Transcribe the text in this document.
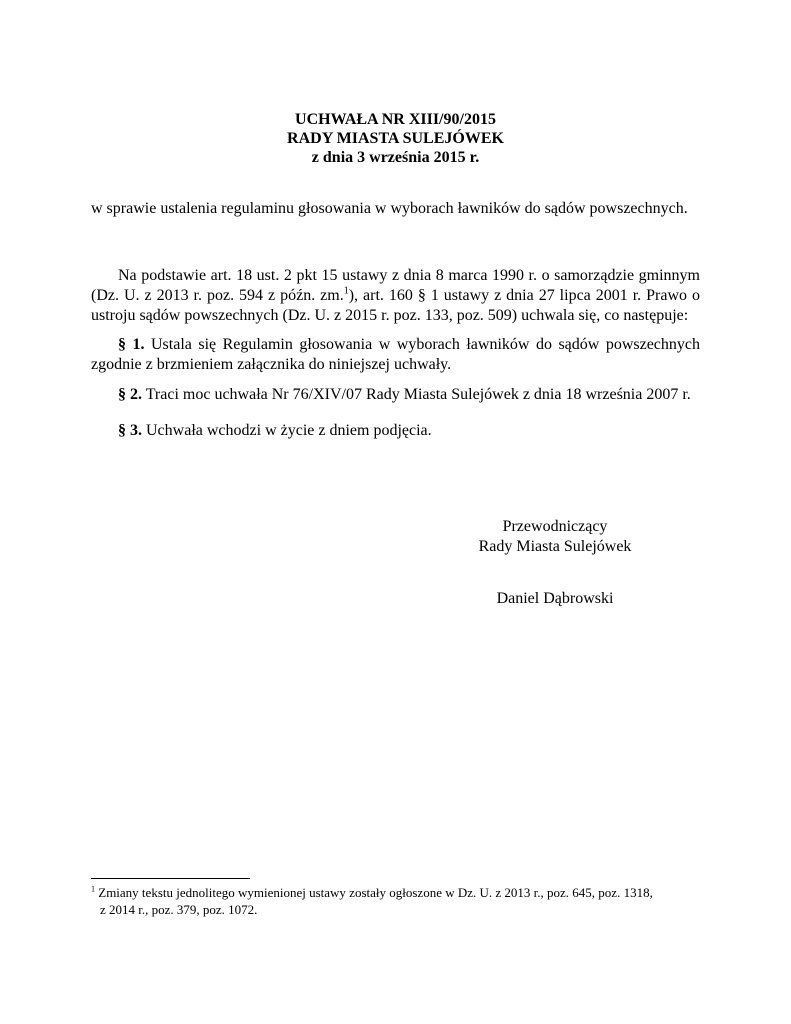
UCHWAŁA NR XIII/90/2015
RADY MIASTA SULEJÓWEK
z dnia 3 września 2015 r.
w sprawie ustalenia regulaminu głosowania w wyborach ławników do sądów powszechnych.

Na podstawie art. 18 ust. 2 pkt 15 ustawy z dnia 8 marca 1990 r. o samorządzie gminnym (Dz. U. z 2013 r. poz. 594 z późn. zm.$^1$), art. 160 § 1 ustawy z dnia 27 lipca 2001 r. Prawo o ustroju sądów powszechnych (Dz. U. z 2015 r. poz. 133, poz. 509) uchwala się, co następuje:

§ 1. Ustala się Regulamin głosowania w wyborach ławników do sądów powszechnych zgodnie z brzmieniem załącznika do niniejszej uchwały.

§ 2. Traci moc uchwała Nr 76/XIV/07 Rady Miasta Sulejówek z dnia 18 września 2007 r.

§ 3. Uchwała wchodzi w życie z dniem podjęcia.

Przewodniczący
Rady Miasta Sulejówek
Daniel Dąbrowski
$^1$ Zmiany tekstu jednolitego wymienionej ustawy zostały ogłoszone w Dz. U. z 2013 r., poz. 645, poz. 1318,
z 2014 r., poz. 379, poz. 1072.
